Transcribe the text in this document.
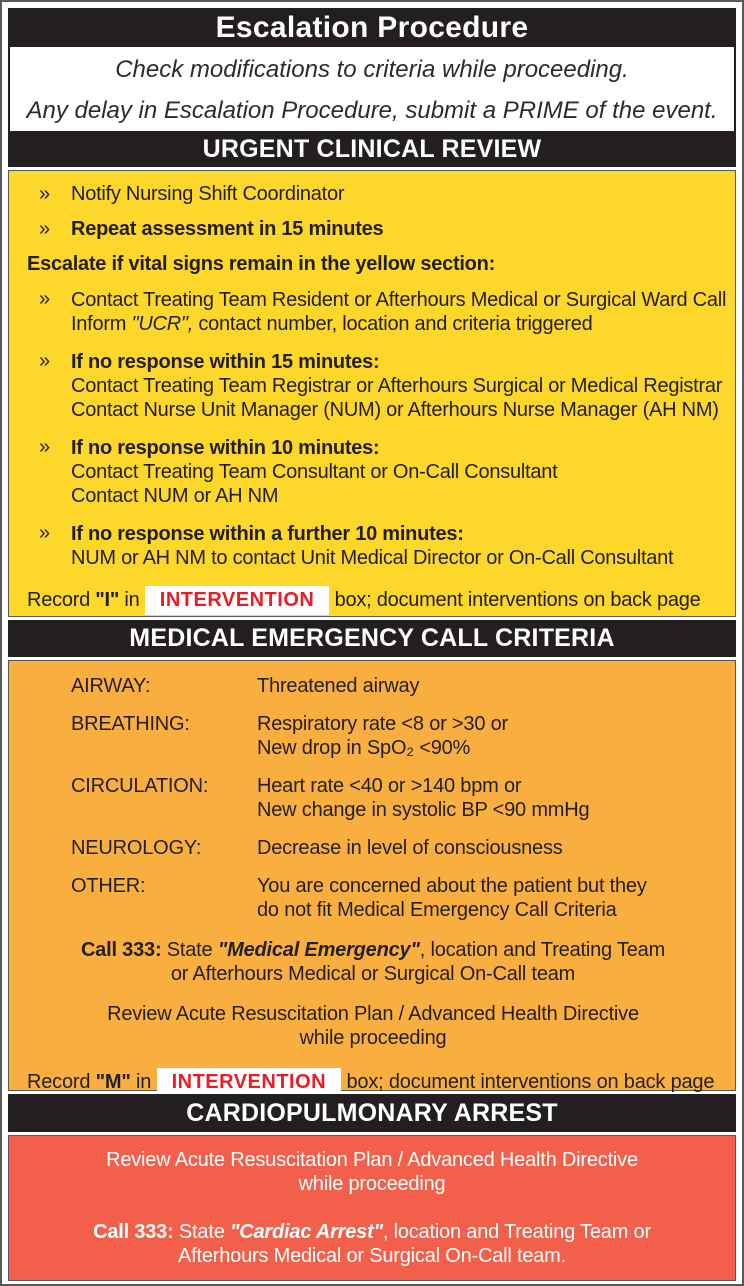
Escalation Procedure

Check modifications to criteria while proceeding.

Any delay in Escalation Procedure, submit a PRIME of the event.

URGENT CLINICAL REVIEW
»	Notify Nursing Shift Coordinator
»	Repeat assessment in 15 minutes
Escalate if vital signs remain in the yellow section:
»	Contact Treating Team Resident or Afterhours Medical or Surgical Ward Call
Inform "UCR", contact number, location and criteria triggered
»	If no response within 15 minutes:
Contact Treating Team Registrar or Afterhours Surgical or Medical Registrar
Contact Nurse Unit Manager (NUM) or Afterhours Nurse Manager (AH NM)
»	If no response within 10 minutes:
Contact Treating Team Consultant or On-Call Consultant
Contact NUM or AH NM
»	If no response within a further 10 minutes:
NUM or AH NM to contact Unit Medical Director or On-Call Consultant
Record "I" in INTERVENTION box; document interventions on back page
MEDICAL EMERGENCY CALL CRITERIA
AIRWAY:	Threatened airway
BREATHING:	Respiratory rate <8 or >30 or
New drop in SpO₂ <90%
CIRCULATION:	Heart rate <40 or >140 bpm or
New change in systolic BP <90 mmHg
NEUROLOGY:	Decrease in level of consciousness
OTHER:	You are concerned about the patient but they
do not fit Medical Emergency Call Criteria

Call 333: State "Medical Emergency", location and Treating Team
or Afterhours Medical or Surgical On-Call team

Review Acute Resuscitation Plan / Advanced Health Directive
while proceeding

Record "M" in INTERVENTION box; document interventions on back page
CARDIOPULMONARY ARREST

Review Acute Resuscitation Plan / Advanced Health Directive
while proceeding

Call 333: State "Cardiac Arrest", location and Treating Team or
Afterhours Medical or Surgical On-Call team.
